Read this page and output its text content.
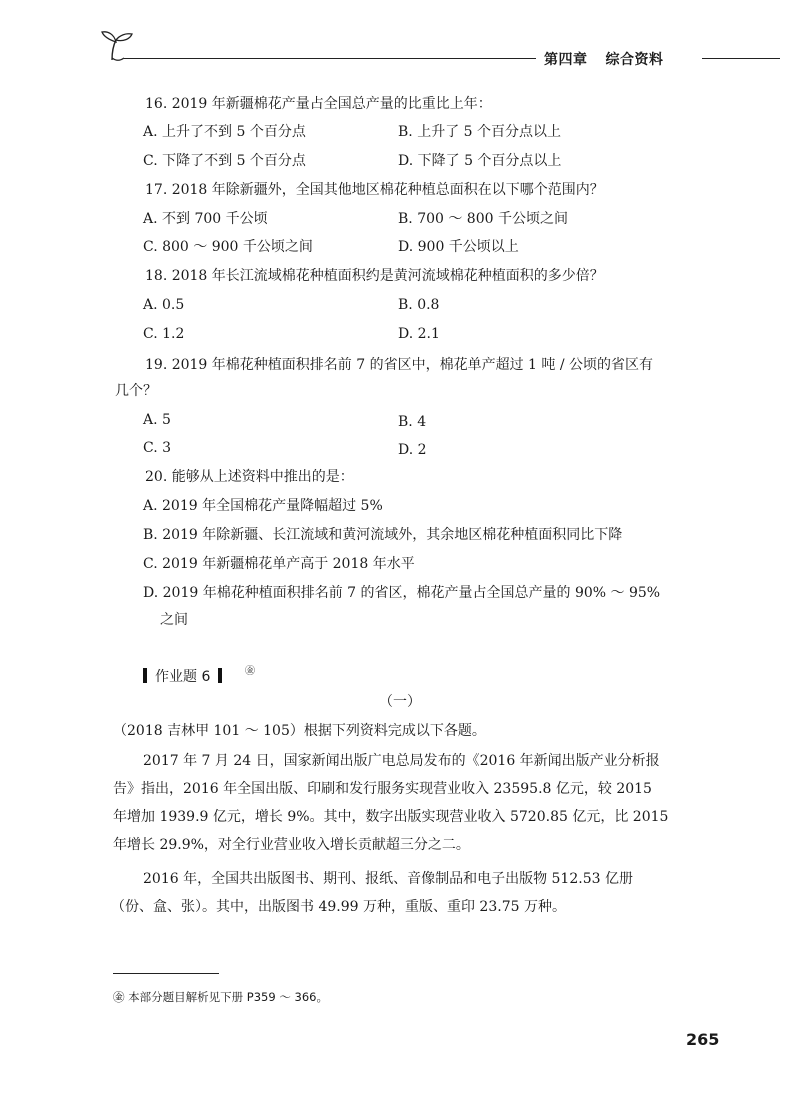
第四章 综合资料
16. 2019 年新疆棉花产量占全国总产量的比重比上年：
A. 上升了不到 5 个百分点	B. 上升了 5 个百分点以上
C. 下降了不到 5 个百分点	D. 下降了 5 个百分点以上
17. 2018 年除新疆外，全国其他地区棉花种植总面积在以下哪个范围内？
A. 不到 700 千公顷	B. 700 ～ 800 千公顷之间
C. 800 ～ 900 千公顷之间	D. 900 千公顷以上
18. 2018 年长江流域棉花种植面积约是黄河流域棉花种植面积的多少倍？
A. 0.5	B. 0.8
C. 1.2	D. 2.1
19. 2019 年棉花种植面积排名前 7 的省区中，棉花单产超过 1 吨 / 公顷的省区有
几个？
A. 5	B. 4
C. 3	D. 2
20. 能够从上述资料中推出的是：
A. 2019 年全国棉花产量降幅超过 5%
B. 2019 年除新疆、长江流域和黄河流域外，其余地区棉花种植面积同比下降
C. 2019 年新疆棉花单产高于 2018 年水平
D. 2019 年棉花种植面积排名前 7 的省区，棉花产量占全国总产量的 90% ～ 95%
之间
作业题 6	㊎
（一）
（2018 吉林甲 101 ～ 105）根据下列资料完成以下各题。
2017 年 7 月 24 日，国家新闻出版广电总局发布的《2016 年新闻出版产业分析报
告》指出，2016 年全国出版、印刷和发行服务实现营业收入 23595.8 亿元，较 2015
年增加 1939.9 亿元，增长 9%。其中，数字出版实现营业收入 5720.85 亿元，比 2015
年增长 29.9%，对全行业营业收入增长贡献超三分之二。
2016 年，全国共出版图书、期刊、报纸、音像制品和电子出版物 512.53 亿册
（份、盒、张）。其中，出版图书 49.99 万种，重版、重印 23.75 万种。
㊎ 本部分题目解析见下册 P359 ～ 366。
265
